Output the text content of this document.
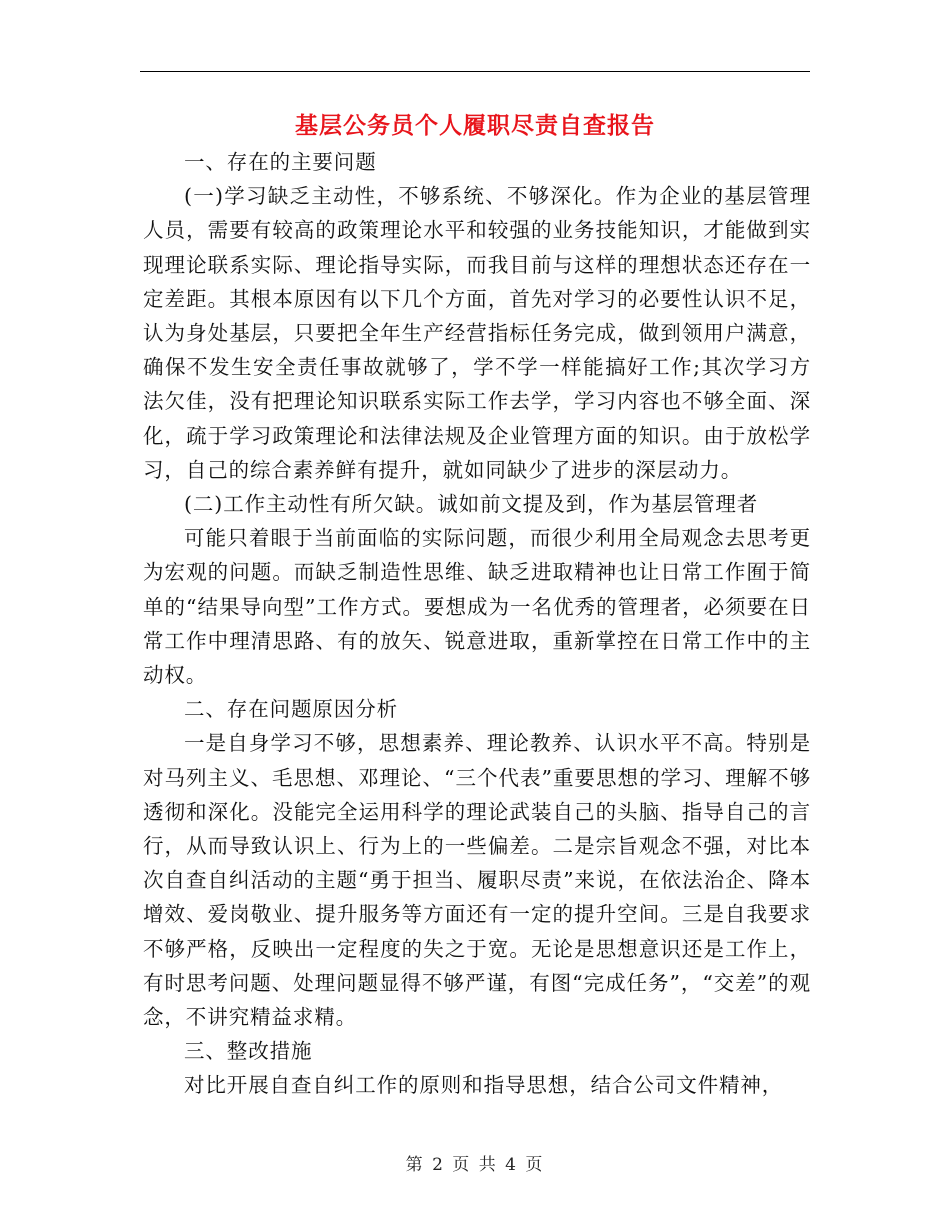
基层公务员个人履职尽责自查报告

一、存在的主要问题

(一)学习缺乏主动性，不够系统、不够深化。作为企业的基层管理人员，需要有较高的政策理论水平和较强的业务技能知识，才能做到实现理论联系实际、理论指导实际，而我目前与这样的理想状态还存在一定差距。其根本原因有以下几个方面，首先对学习的必要性认识不足，认为身处基层，只要把全年生产经营指标任务完成，做到领用户满意，确保不发生安全责任事故就够了，学不学一样能搞好工作;其次学习方法欠佳，没有把理论知识联系实际工作去学，学习内容也不够全面、深化，疏于学习政策理论和法律法规及企业管理方面的知识。由于放松学习，自己的综合素养鲜有提升，就如同缺少了进步的深层动力。

(二)工作主动性有所欠缺。诚如前文提及到，作为基层管理者

可能只着眼于当前面临的实际问题，而很少利用全局观念去思考更为宏观的问题。而缺乏制造性思维、缺乏进取精神也让日常工作囿于简单的“结果导向型”工作方式。要想成为一名优秀的管理者，必须要在日常工作中理清思路、有的放矢、锐意进取，重新掌控在日常工作中的主动权。

二、存在问题原因分析

一是自身学习不够，思想素养、理论教养、认识水平不高。特别是对马列主义、毛思想、邓理论、“三个代表”重要思想的学习、理解不够透彻和深化。没能完全运用科学的理论武装自己的头脑、指导自己的言行，从而导致认识上、行为上的一些偏差。二是宗旨观念不强，对比本次自查自纠活动的主题“勇于担当、履职尽责”来说，在依法治企、降本增效、爱岗敬业、提升服务等方面还有一定的提升空间。三是自我要求不够严格，反映出一定程度的失之于宽。无论是思想意识还是工作上，有时思考问题、处理问题显得不够严谨，有图“完成任务”，“交差”的观念，不讲究精益求精。

三、整改措施

对比开展自查自纠工作的原则和指导思想，结合公司文件精神，

第 2 页 共 4 页
